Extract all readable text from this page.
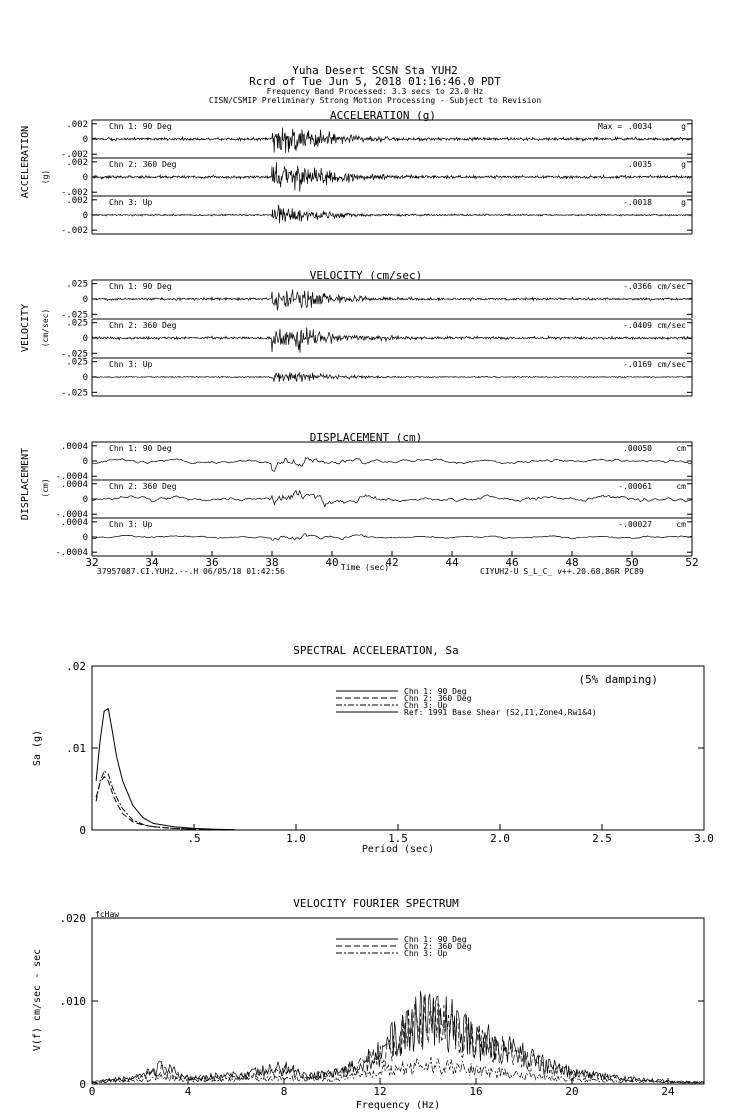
Yuha Desert SCSN Sta YUH2
Rcrd of Tue Jun 5, 2018 01:16:46.0 PDT
Frequency Band Processed: 3.3 secs to 23.0 Hz
CISN/CSMIP Preliminary Strong Motion Processing - Subject to Revision
ACCELERATION (g)
ACCELERATION (g)
.002
0
-.002
Chn 1: 90 Deg	Max = .0034	g
.002
0
-.002
Chn 2: 360 Deg	.0035	g
.002
0
-.002
Chn 3: Up	-.0018	g
VELOCITY (cm/sec)
VELOCITY (cm/sec)
.025
0
-.025
Chn 1: 90 Deg	-.0366 cm/sec
.025
0
-.025
Chn 2: 360 Deg	-.0409 cm/sec
.025
0
-.025
Chn 3: Up	-.0169 cm/sec
DISPLACEMENT (cm)
DISPLACEMENT (cm)
.0004
0
-.0004
Chn 1: 90 Deg	.00050	cm
.0004
0
-.0004
Chn 2: 360 Deg	-.00061	cm
.0004
0
-.0004
Chn 3: Up	-.00027	cm
32	34	36	38	40	42	44	46	48	50	52
Time (sec)
37957087.CI.YUH2.--.H 06/05/18 01:42:56	CIYUH2-U S_L_C_ v++.20.68.86R PC89
SPECTRAL ACCELERATION, Sa
(5% damping)
Sa (g)
Period (sec)
.02
.01
0
.5	1.0	1.5	2.0	2.5	3.0
Chn 1: 90 Deg
Chn 2: 360 Deg
Chn 3: Up
Ref: 1991 Base Shear (S2,I1,Zone4,Rw1&4)
VELOCITY FOURIER SPECTRUM
fcHaw
V(f) cm/sec - sec
Frequency (Hz)
.020
.010
0
0	4	8	12	16	20	24
Chn 1: 90 Deg
Chn 2: 360 Deg
Chn 3: Up
